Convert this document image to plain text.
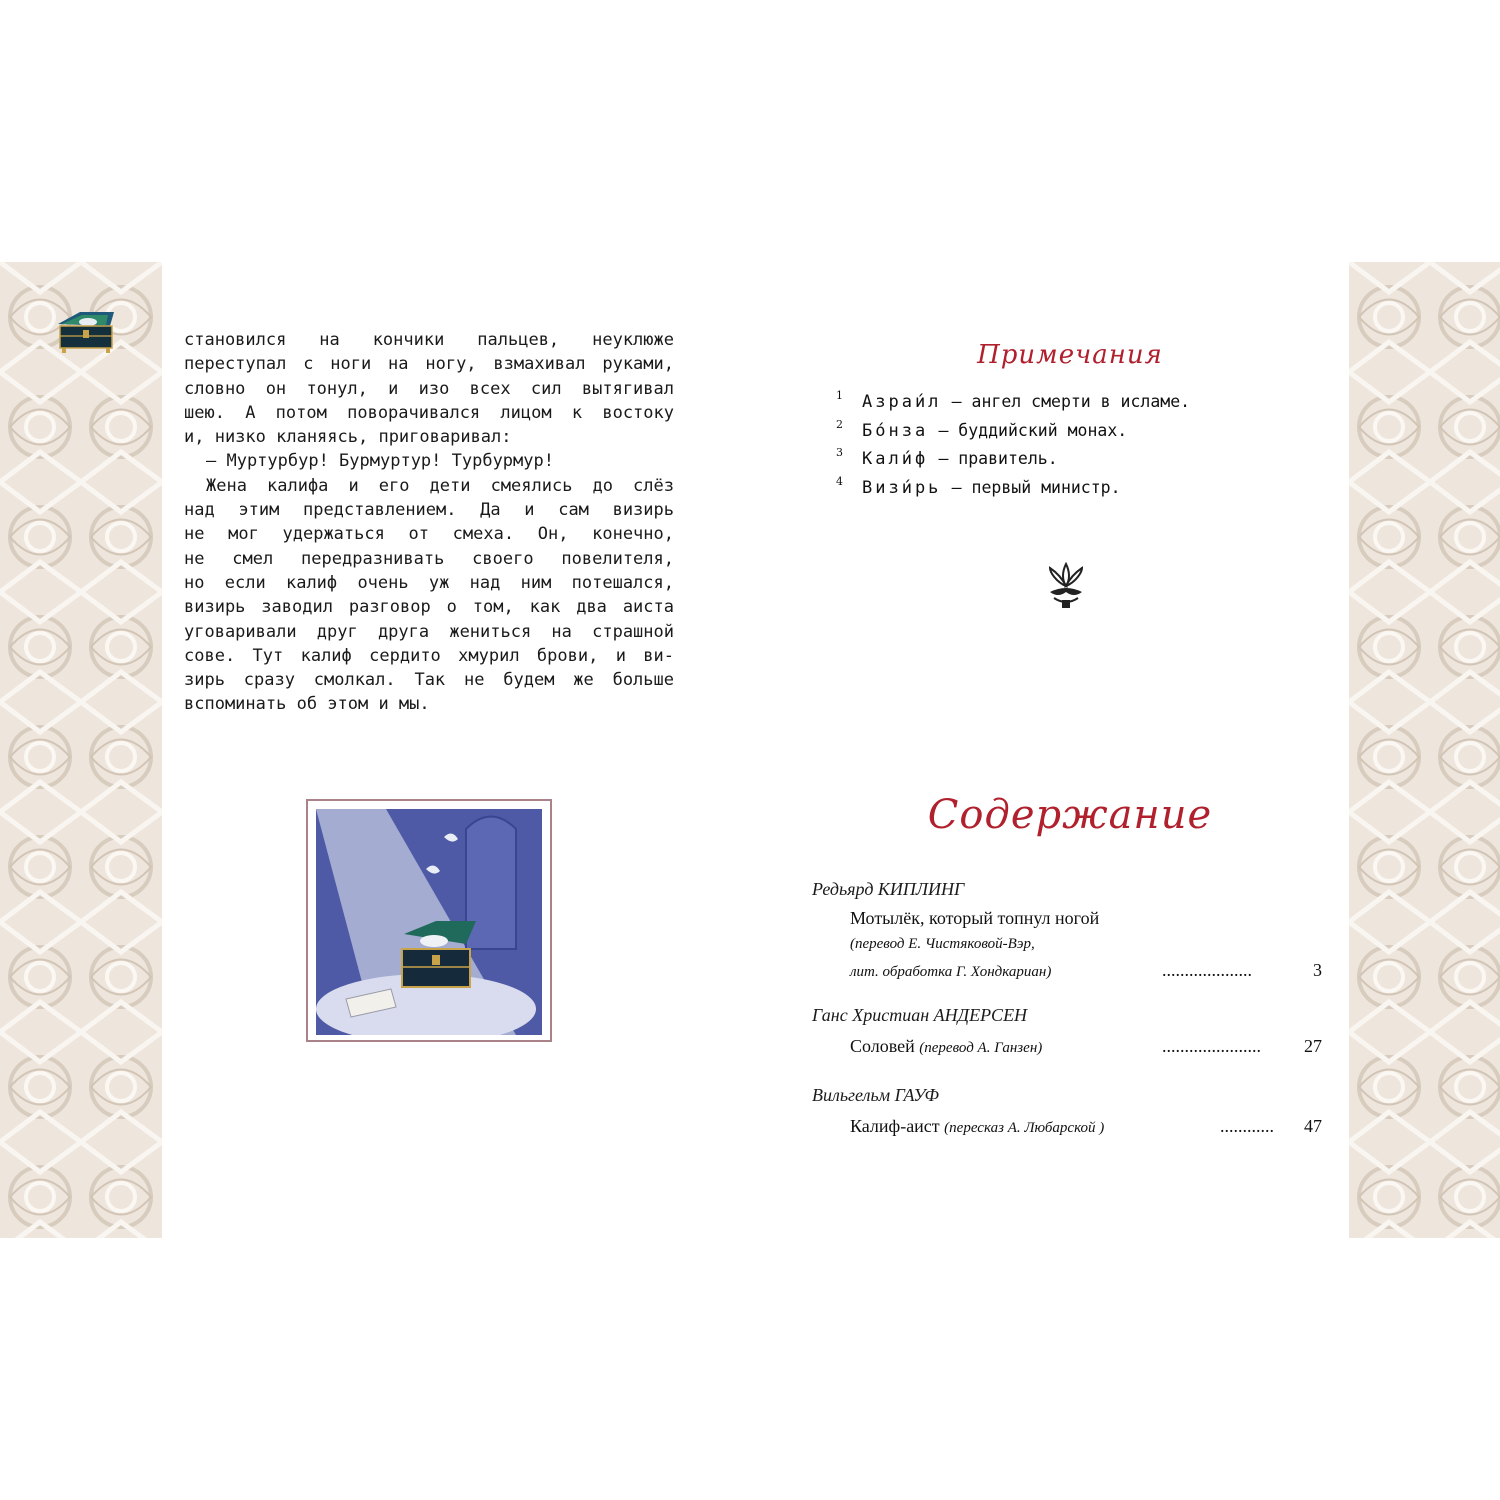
становился на кончики пальцев, неуклюже
переступал с ноги на ногу, взмахивал руками,
словно он тонул, и изо всех сил вытягивал
шею. А потом поворачивался лицом к востоку
и, низко кланяясь, приговаривал:
– Муртурбур! Бурмуртур! Турбурмур!
Жена калифа и его дети смеялись до слёз
над этим представлением. Да и сам визирь
не мог удержаться от смеха. Он, конечно,
не смел передразнивать своего повелителя,
но если калиф очень уж над ним потешался,
визирь заводил разговор о том, как два аиста
уговаривали друг друга жениться на страшной
сове. Тут калиф сердито хмурил брови, и ви-
зирь сразу смолкал. Так не будем же больше
вспоминать об этом и мы.
Примечания
1 Азраи́л – ангел смерти в исламе.
2 Бо́нза – буддийский монах.
3 Кали́ф – правитель.
4 Визи́рь – первый министр.
Содержание
Редьярд КИПЛИНГ
Мотылёк, который топнул ногой
(перевод Е. Чистяковой-Вэр,
лит. обработка Г. Хондкариан)	....................	3
Ганс Христиан АНДЕРСЕН
Соловей (перевод А. Ганзен)	...................... 27
Вильгельм ГАУФ
Калиф-аист (пересказ А. Любарской )	............ 47
